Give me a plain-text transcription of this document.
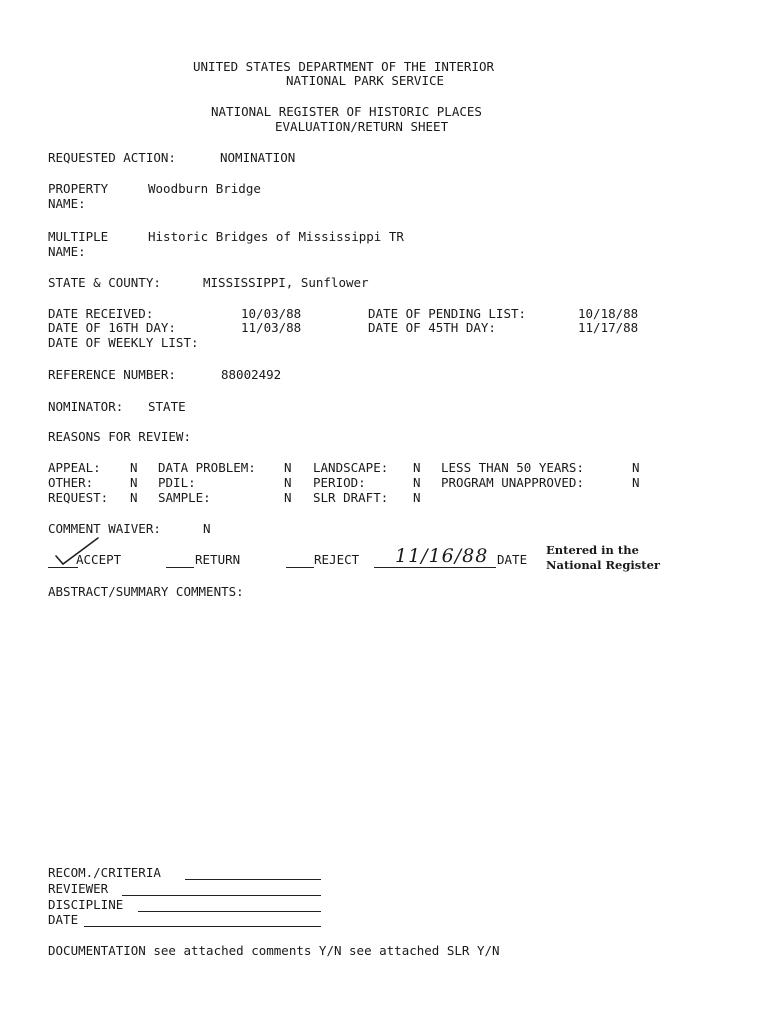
UNITED STATES DEPARTMENT OF THE INTERIOR
NATIONAL PARK SERVICE
NATIONAL REGISTER OF HISTORIC PLACES
EVALUATION/RETURN SHEET
REQUESTED ACTION:	NOMINATION
PROPERTY
NAME:
Woodburn Bridge
MULTIPLE
NAME:
Historic Bridges of Mississippi TR
STATE & COUNTY:	MISSISSIPPI, Sunflower
DATE RECEIVED:	10/03/88	DATE OF PENDING LIST:	10/18/88
DATE OF 16TH DAY:	11/03/88	DATE OF 45TH DAY:	11/17/88
DATE OF WEEKLY LIST:
REFERENCE NUMBER:	88002492
NOMINATOR: STATE
REASONS FOR REVIEW:
APPEAL: N DATA PROBLEM: N LANDSCAPE: N LESS THAN 50 YEARS:	N
OTHER:	N PDIL:	N PERIOD:	N PROGRAM UNAPPROVED:	N
REQUEST: N SAMPLE:	N SLR DRAFT: N
COMMENT WAIVER:	N
ACCEPT	RETURN	REJECT 11/16/88 DATE
Entered in the
National Register
ABSTRACT/SUMMARY COMMENTS:
RECOM./CRITERIA
REVIEWER
DISCIPLINE
DATE
DOCUMENTATION see attached comments Y/N see attached SLR Y/N
